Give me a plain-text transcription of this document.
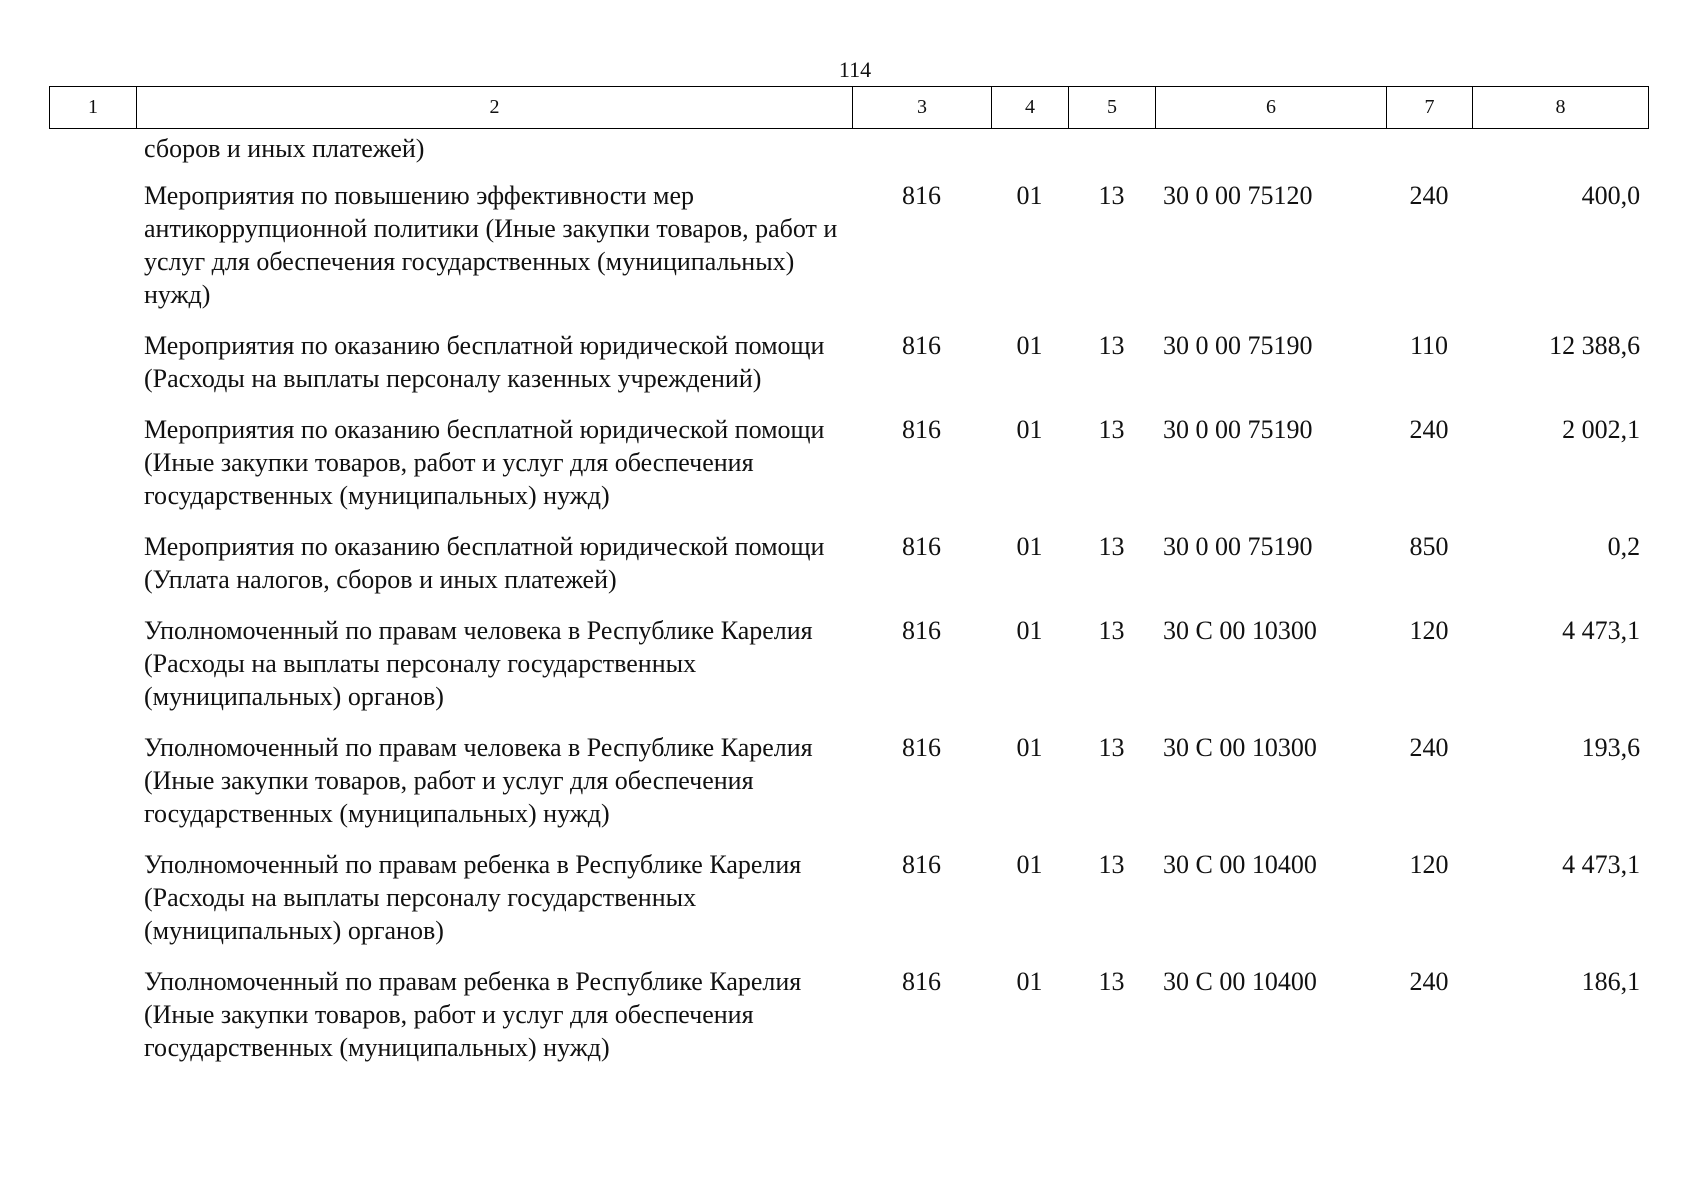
114
1	2	3	4	5	6	7	8
сборов и иных платежей)						
Мероприятия по повышению эффективности мер антикоррупционной политики (Иные закупки товаров, работ и услуг для обеспечения государственных (муниципальных) нужд)	816	01	13	30 0 00 75120	240	400,0
Мероприятия по оказанию бесплатной юридической помощи (Расходы на выплаты персоналу казенных учреждений)	816	01	13	30 0 00 75190	110	12 388,6
Мероприятия по оказанию бесплатной юридической помощи (Иные закупки товаров, работ и услуг для обеспечения государственных (муниципальных) нужд)	816	01	13	30 0 00 75190	240	2 002,1
Мероприятия по оказанию бесплатной юридической помощи (Уплата налогов, сборов и иных платежей)	816	01	13	30 0 00 75190	850	0,2
Уполномоченный по правам человека в Республике Карелия (Расходы на выплаты персоналу государственных (муниципальных) органов)	816	01	13	30 С 00 10300	120	4 473,1
Уполномоченный по правам человека в Республике Карелия (Иные закупки товаров, работ и услуг для обеспечения государственных (муниципальных) нужд)	816	01	13	30 С 00 10300	240	193,6
Уполномоченный по правам ребенка в Республике Карелия (Расходы на выплаты персоналу государственных (муниципальных) органов)	816	01	13	30 С 00 10400	120	4 473,1
Уполномоченный по правам ребенка в Республике Карелия (Иные закупки товаров, работ и услуг для обеспечения государственных (муниципальных) нужд)	816	01	13	30 С 00 10400	240	186,1
